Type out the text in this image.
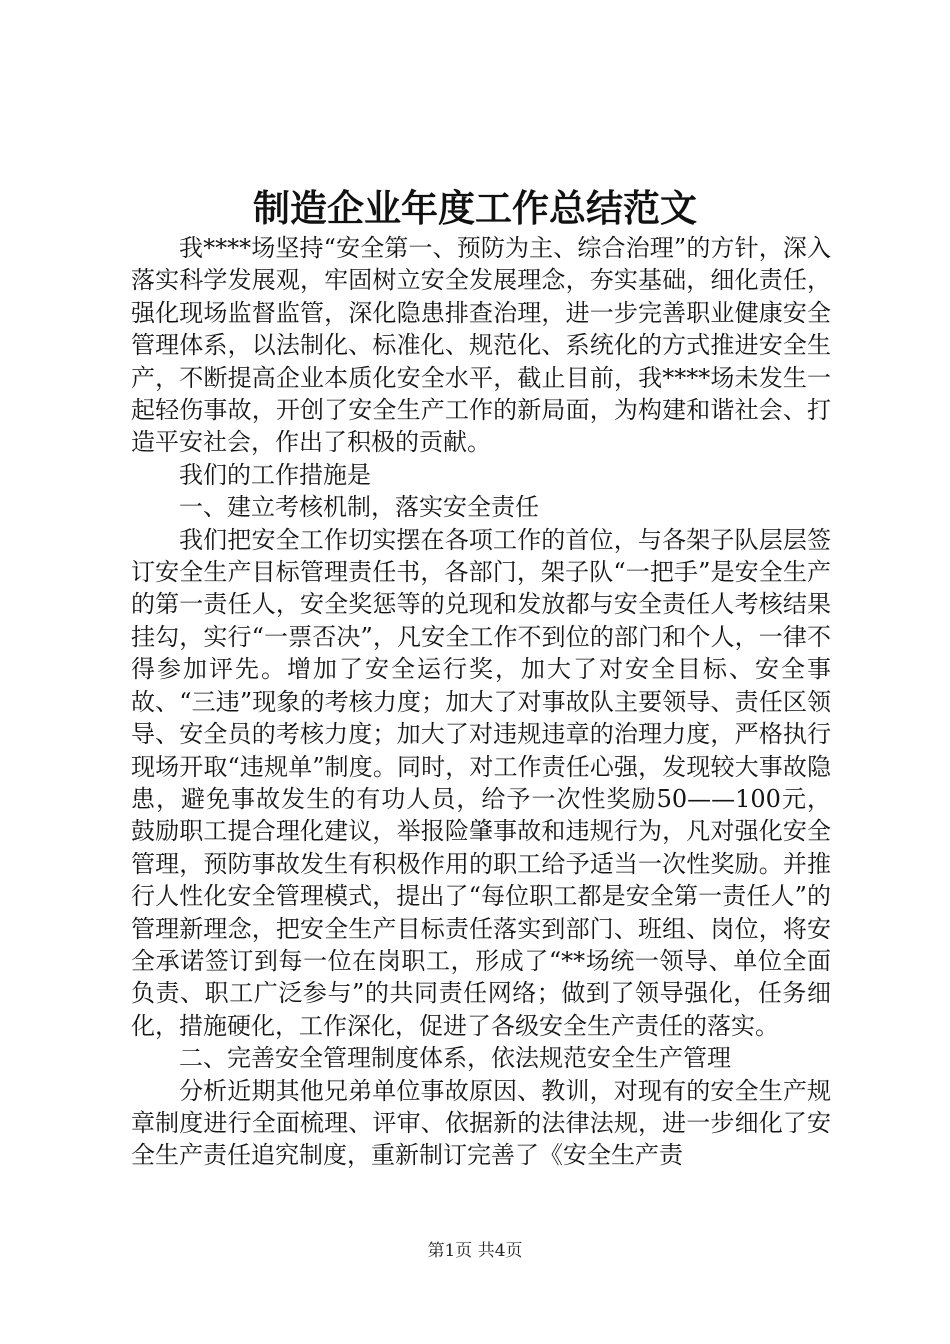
制造企业年度工作总结范文

我****场坚持“安全第一、预防为主、综合治理”的方针，深入落实科学发展观，牢固树立安全发展理念，夯实基础，细化责任，强化现场监督监管，深化隐患排查治理，进一步完善职业健康安全管理体系，以法制化、标准化、规范化、系统化的方式推进安全生产，不断提高企业本质化安全水平，截止目前，我****场未发生一起轻伤事故，开创了安全生产工作的新局面，为构建和谐社会、打造平安社会，作出了积极的贡献。

我们的工作措施是

一、建立考核机制，落实安全责任

我们把安全工作切实摆在各项工作的首位，与各架子队层层签订安全生产目标管理责任书，各部门，架子队“一把手”是安全生产的第一责任人，安全奖惩等的兑现和发放都与安全责任人考核结果挂勾，实行“一票否决”，凡安全工作不到位的部门和个人，一律不得参加评先。增加了安全运行奖，加大了对安全目标、安全事故、“三违”现象的考核力度；加大了对事故队主要领导、责任区领导、安全员的考核力度；加大了对违规违章的治理力度，严格执行现场开取“违规单”制度。同时，对工作责任心强，发现较大事故隐患，避免事故发生的有功人员，给予一次性奖励50——100元，鼓励职工提合理化建议，举报险肇事故和违规行为，凡对强化安全管理，预防事故发生有积极作用的职工给予适当一次性奖励。并推行人性化安全管理模式，提出了“每位职工都是安全第一责任人”的管理新理念，把安全生产目标责任落实到部门、班组、岗位，将安全承诺签订到每一位在岗职工，形成了“**场统一领导、单位全面负责、职工广泛参与”的共同责任网络；做到了领导强化，任务细化，措施硬化，工作深化，促进了各级安全生产责任的落实。

二、完善安全管理制度体系，依法规范安全生产管理

分析近期其他兄弟单位事故原因、教训，对现有的安全生产规章制度进行全面梳理、评审、依据新的法律法规，进一步细化了安全生产责任追究制度，重新制订完善了《安全生产责

第1页 共4页
